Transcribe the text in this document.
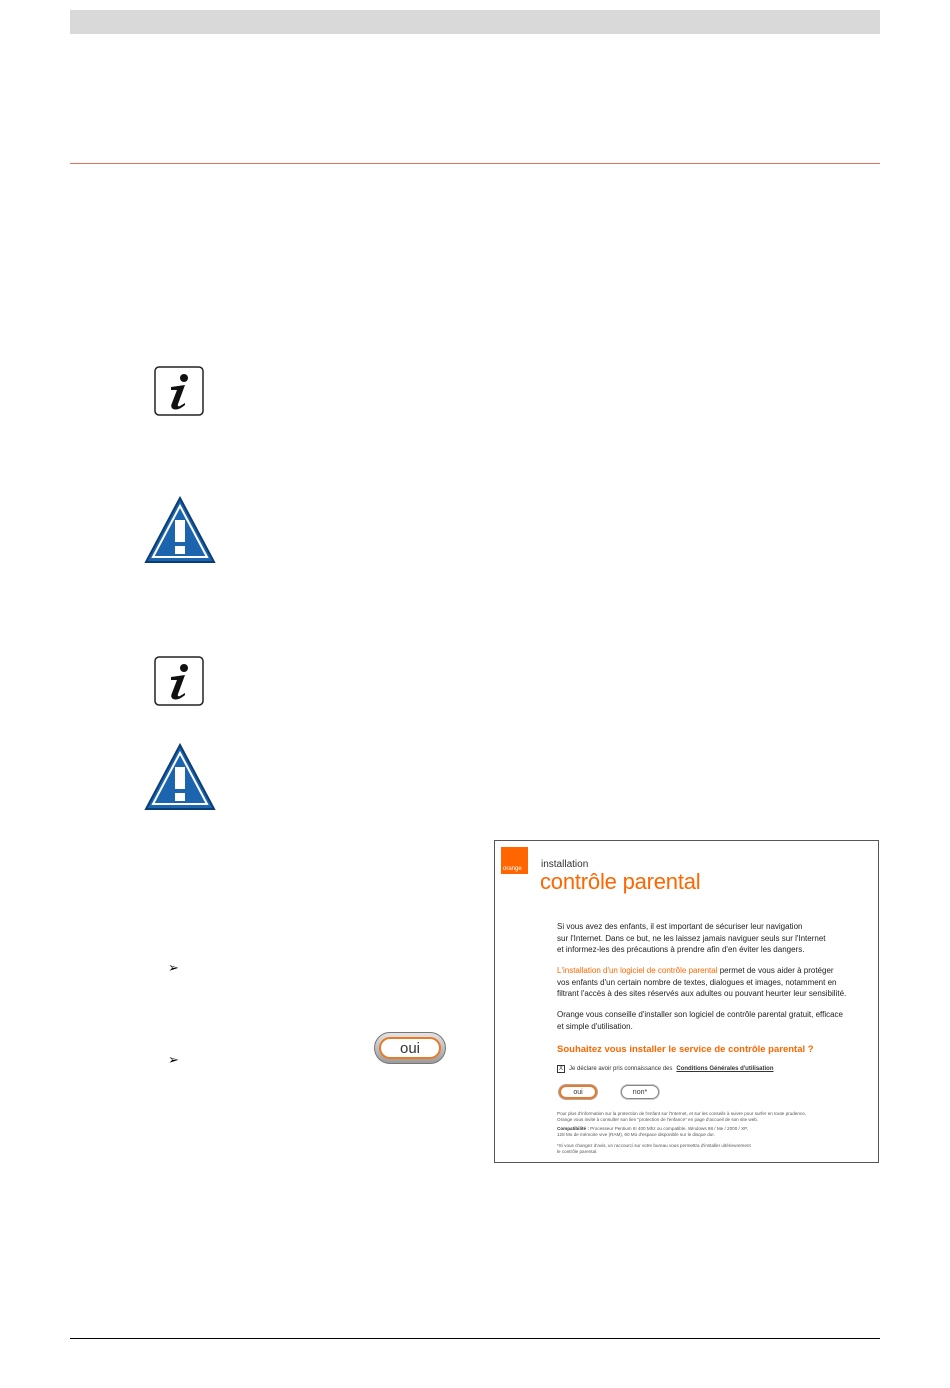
➢
➢
oui
orange installation
contrôle parental
Si vous avez des enfants, il est important de sécuriser leur navigation
sur l'Internet. Dans ce but, ne les laissez jamais naviguer seuls sur l'Internet
et informez-les des précautions à prendre afin d'en éviter les dangers.
L'installation d'un logiciel de contrôle parental permet de vous aider à protéger
vos enfants d'un certain nombre de textes, dialogues et images, notamment en
filtrant l'accès à des sites réservés aux adultes ou pouvant heurter leur sensibilité.
Orange vous conseille d'installer son logiciel de contrôle parental gratuit, efficace
et simple d'utilisation.
Souhaitez vous installer le service de contrôle parental ?
X	Je déclare avoir pris connaissance des Conditions Générales d'utilisation
oui	non*
Pour plus d'information sur la protection de l'enfant sur l'Internet, et sur les conseils à suivre pour surfer en toute prudence,
Orange vous invite à consulter son lien "protection de l'enfance" en page d'accueil de son site web.
Compatibilité : Processeur Pentium III 400 Mhz ou compatible, Windows 98 / Me / 2000 / XP,
128 Mo de mémoire vive (RAM), 60 Mo d'espace disponible sur le disque dur.
*Si vous changez d'avis, un raccourci sur votre bureau vous permettra d'installer ultérieurement
le contrôle parental.
